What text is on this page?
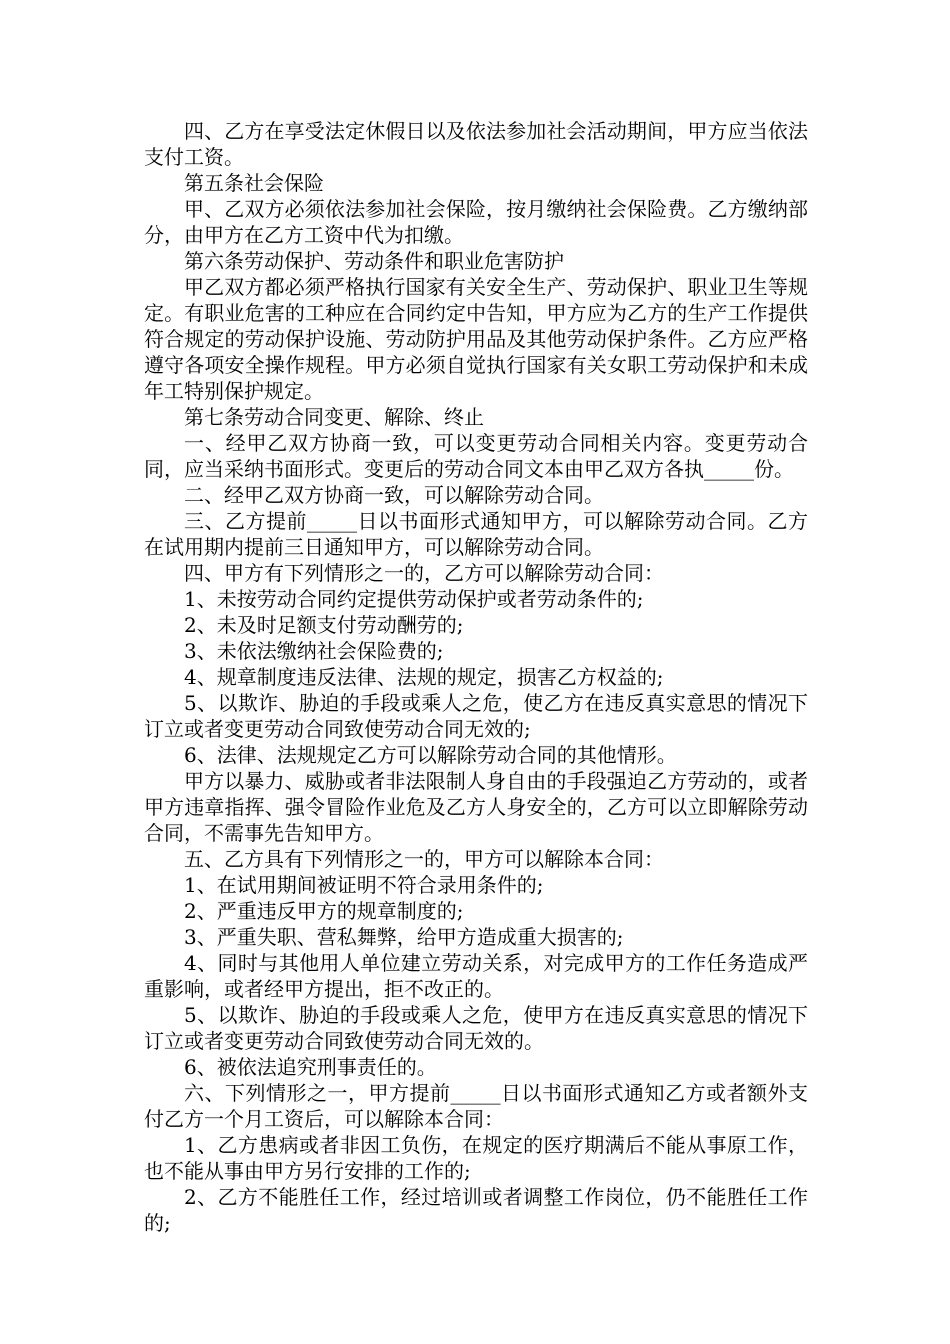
四、乙方在享受法定休假日以及依法参加社会活动期间，甲方应当依法支付工资。

第五条社会保险

甲、乙双方必须依法参加社会保险，按月缴纳社会保险费。乙方缴纳部分，由甲方在乙方工资中代为扣缴。

第六条劳动保护、劳动条件和职业危害防护

甲乙双方都必须严格执行国家有关安全生产、劳动保护、职业卫生等规定。有职业危害的工种应在合同约定中告知，甲方应为乙方的生产工作提供符合规定的劳动保护设施、劳动防护用品及其他劳动保护条件。乙方应严格遵守各项安全操作规程。甲方必须自觉执行国家有关女职工劳动保护和未成年工特别保护规定。

第七条劳动合同变更、解除、终止

一、经甲乙双方协商一致，可以变更劳动合同相关内容。变更劳动合同，应当采纳书面形式。变更后的劳动合同文本由甲乙双方各执_____份。

二、经甲乙双方协商一致，可以解除劳动合同。

三、乙方提前_____日以书面形式通知甲方，可以解除劳动合同。乙方在试用期内提前三日通知甲方，可以解除劳动合同。

四、甲方有下列情形之一的，乙方可以解除劳动合同：

1、未按劳动合同约定提供劳动保护或者劳动条件的;

2、未及时足额支付劳动酬劳的;

3、未依法缴纳社会保险费的;

4、规章制度违反法律、法规的规定，损害乙方权益的;

5、以欺诈、胁迫的手段或乘人之危，使乙方在违反真实意思的情况下订立或者变更劳动合同致使劳动合同无效的;

6、法律、法规规定乙方可以解除劳动合同的其他情形。

甲方以暴力、威胁或者非法限制人身自由的手段强迫乙方劳动的，或者甲方违章指挥、强令冒险作业危及乙方人身安全的，乙方可以立即解除劳动合同，不需事先告知甲方。

五、乙方具有下列情形之一的，甲方可以解除本合同：

1、在试用期间被证明不符合录用条件的;

2、严重违反甲方的规章制度的;

3、严重失职、营私舞弊，给甲方造成重大损害的;

4、同时与其他用人单位建立劳动关系，对完成甲方的工作任务造成严重影响，或者经甲方提出，拒不改正的。

5、以欺诈、胁迫的手段或乘人之危，使甲方在违反真实意思的情况下订立或者变更劳动合同致使劳动合同无效的。

6、被依法追究刑事责任的。

六、下列情形之一，甲方提前_____日以书面形式通知乙方或者额外支付乙方一个月工资后，可以解除本合同：

1、乙方患病或者非因工负伤，在规定的医疗期满后不能从事原工作，也不能从事由甲方另行安排的工作的;

2、乙方不能胜任工作，经过培训或者调整工作岗位，仍不能胜任工作的;
